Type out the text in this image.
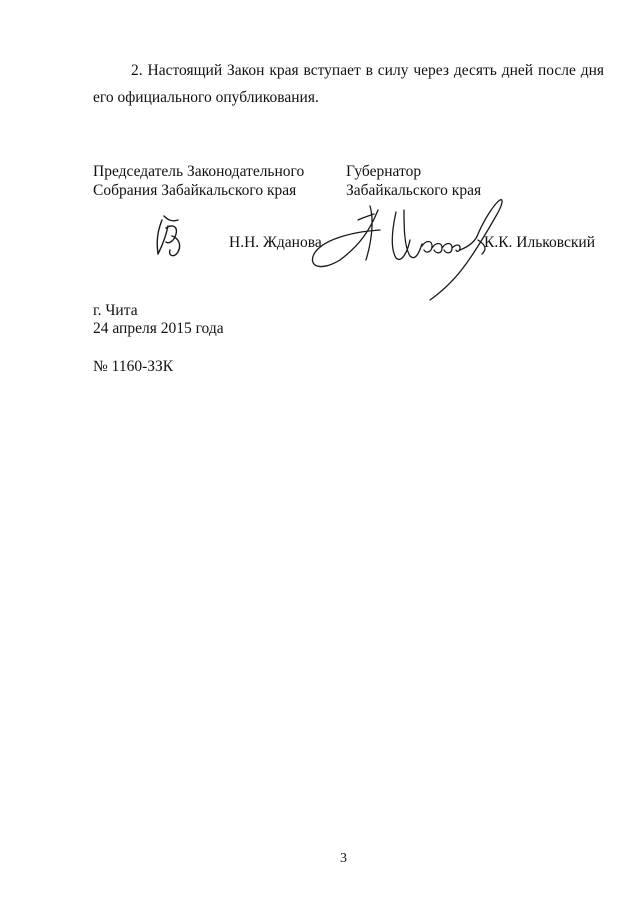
2. Настоящий Закон края вступает в силу через десять дней после дня
его официального опубликования.
Председатель Законодательного
Собрания Забайкальского края
Губернатор
Забайкальского края
Н.Н. Жданова	К.К. Ильковский
г. Чита
24 апреля 2015 года
№ 1160-ЗЗК
3
